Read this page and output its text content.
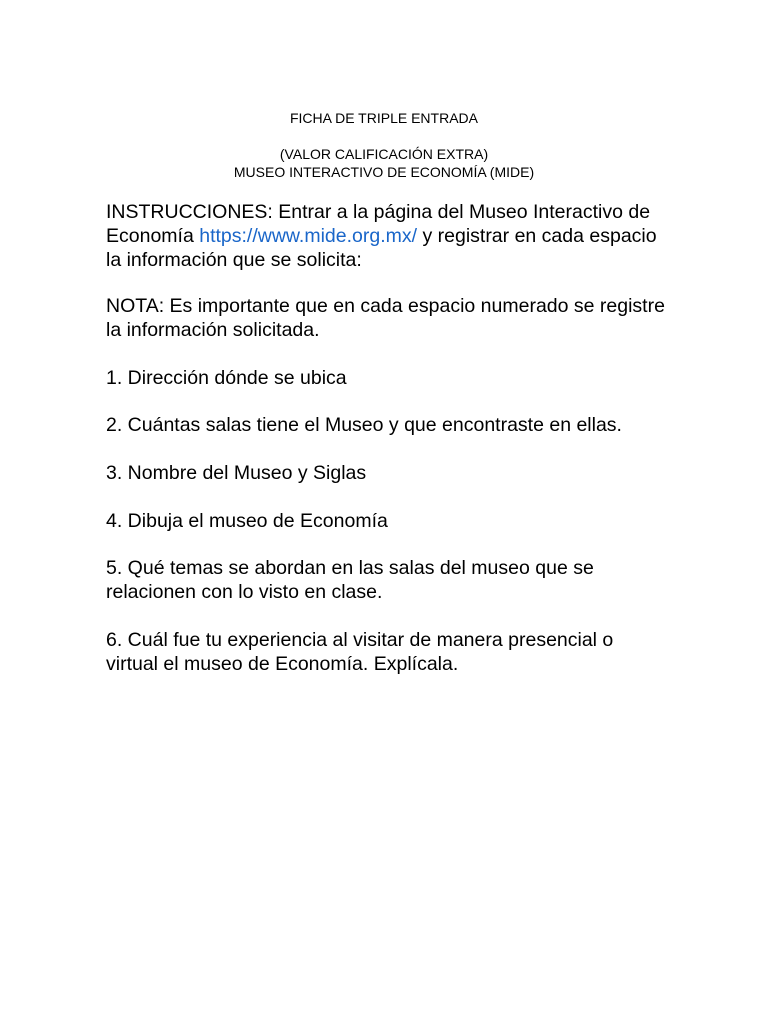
FICHA DE TRIPLE ENTRADA
(VALOR CALIFICACIÓN EXTRA)
MUSEO INTERACTIVO DE ECONOMÍA (MIDE)
INSTRUCCIONES: Entrar a la página del Museo Interactivo de Economía https://www.mide.org.mx/ y registrar en cada espacio la información que se solicita:
NOTA: Es importante que en cada espacio numerado se registre la información solicitada.
1. Dirección dónde se ubica
2. Cuántas salas tiene el Museo y que encontraste en ellas.
3. Nombre del Museo y Siglas
4. Dibuja el museo de Economía
5. Qué temas se abordan en las salas del museo que se relacionen con lo visto en clase.
6. Cuál fue tu experiencia al visitar de manera presencial o virtual el museo de Economía. Explícala.
